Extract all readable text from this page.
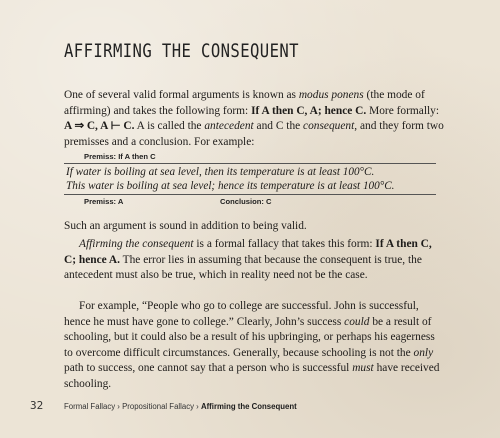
AFFIRMING THE CONSEQUENT

One of several valid formal arguments is known as modus ponens (the mode of affirming) and takes the following form: If A then C, A; hence C. More formally: A ⇒ C, A ⊢ C. A is called the antecedent and C the consequent, and they form two premisses and a conclusion. For example:

Premiss: If A then C
If water is boiling at sea level, then its temperature is at least 100°C.
This water is boiling at sea level; hence its temperature is at least 100°C.
Premiss: A	Conclusion: C

Such an argument is sound in addition to being valid.

Affirming the consequent is a formal fallacy that takes this form: If A then C, C; hence A. The error lies in assuming that because the consequent is true, the antecedent must also be true, which in reality need not be the case.

For example, “People who go to college are successful. John is successful, hence he must have gone to college.” Clearly, John’s success could be a result of schooling, but it could also be a result of his upbringing, or perhaps his eagerness to overcome difficult circumstances. Generally, because schooling is not the only path to success, one cannot say that a person who is successful must have received schooling.

32	Formal Fallacy › Propositional Fallacy › Affirming the Consequent
